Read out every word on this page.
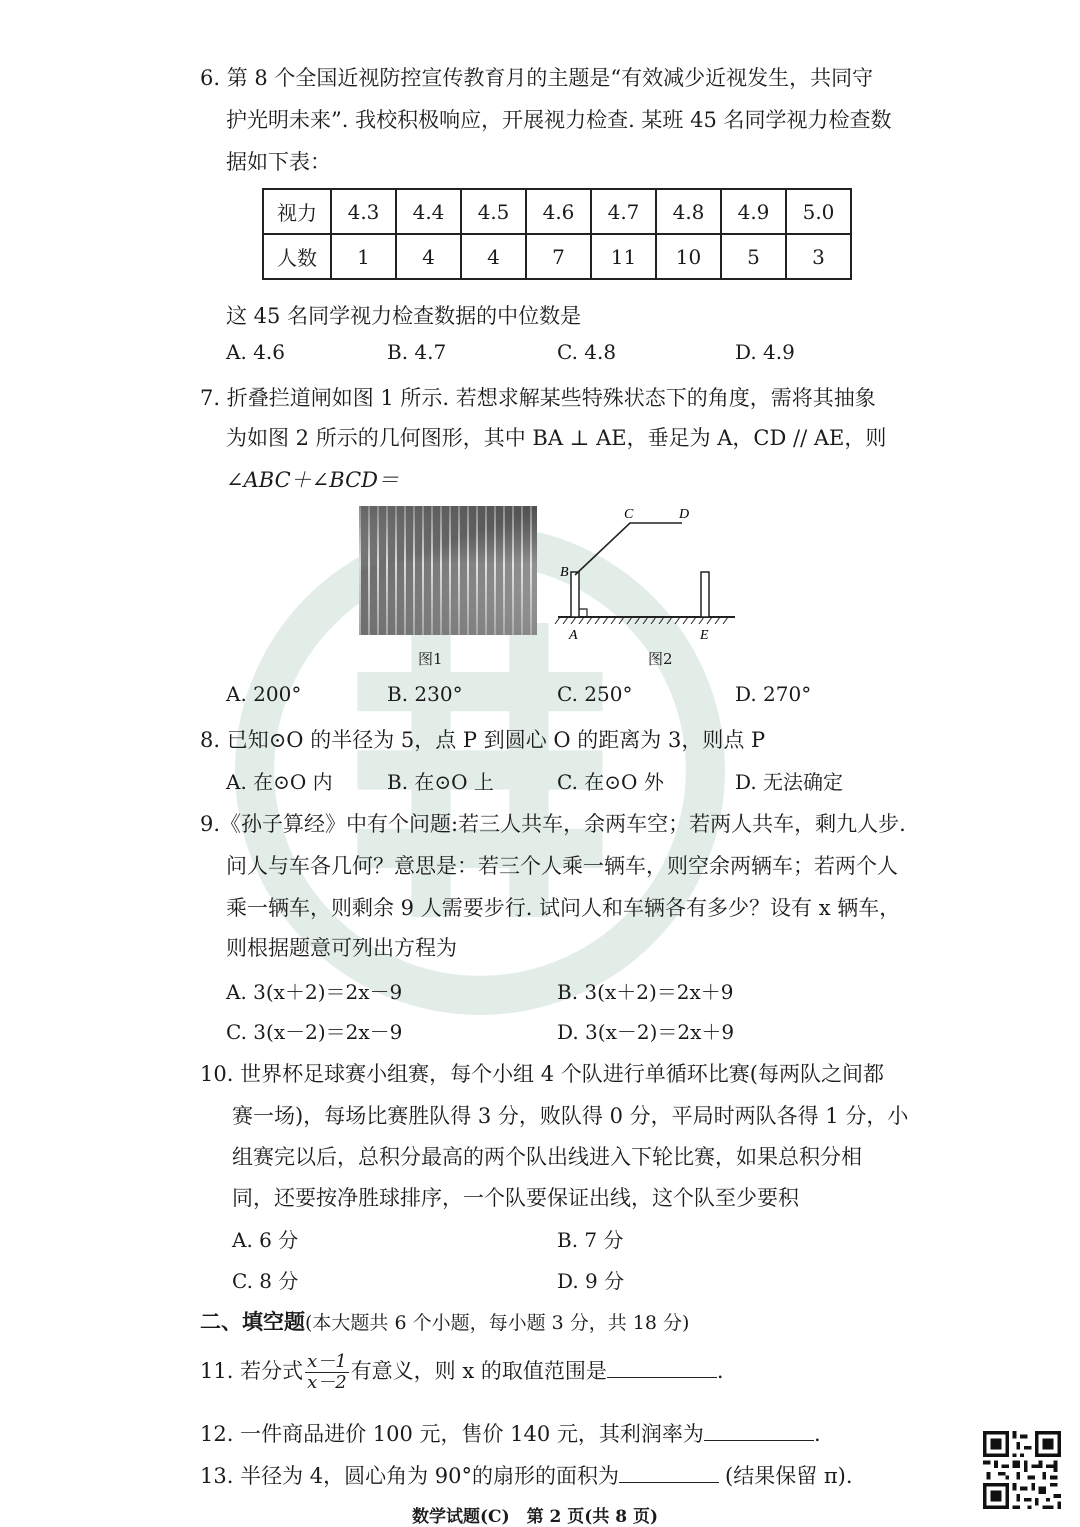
6. 第 8 个全国近视防控宣传教育月的主题是“有效减少近视发生，共同守
护光明未来”. 我校积极响应，开展视力检查. 某班 45 名同学视力检查数
据如下表：
视力	4.3	4.4	4.5	4.6	4.7	4.8	4.9	5.0
人数	1	4	4	7	11	10	5	3
这 45 名同学视力检查数据的中位数是
A. 4.6	B. 4.7	C. 4.8	D. 4.9
7. 折叠拦道闸如图 1 所示. 若想求解某些特殊状态下的角度，需将其抽象
为如图 2 所示的几何图形，其中 BA ⊥ AE，垂足为 A，CD // AE，则
∠ABC＋∠BCD＝
图1
B
C	D
A	E
图2
A. 200°	B. 230°	C. 250°	D. 270°
8. 已知⊙O 的半径为 5，点 P 到圆心 O 的距离为 3，则点 P
A. 在⊙O 内	B. 在⊙O 上	C. 在⊙O 外	D. 无法确定
9.《孙子算经》中有个问题:若三人共车，余两车空；若两人共车，剩九人步.
问人与车各几何？意思是：若三个人乘一辆车，则空余两辆车；若两个人
乘一辆车，则剩余 9 人需要步行. 试问人和车辆各有多少？设有 x 辆车，
则根据题意可列出方程为
A. 3(x＋2)＝2x－9	B. 3(x＋2)＝2x＋9
C. 3(x－2)＝2x－9	D. 3(x－2)＝2x＋9
10. 世界杯足球赛小组赛，每个小组 4 个队进行单循环比赛(每两队之间都
赛一场)，每场比赛胜队得 3 分，败队得 0 分，平局时两队各得 1 分，小
组赛完以后，总积分最高的两个队出线进入下轮比赛，如果总积分相
同，还要按净胜球排序，一个队要保证出线，这个队至少要积
A. 6 分	B. 7 分
C. 8 分	D. 9 分
二、填空题(本大题共 6 个小题，每小题 3 分，共 18 分)
11. 若分式 $\frac{x-1}{x-2}$ 有意义，则 x 的取值范围是	.
12. 一件商品进价 100 元，售价 140 元，其利润率为	.
13. 半径为 4，圆心角为 90°的扇形的面积为	(结果保留 π).
数学试题(C)　第 2 页(共 8 页)
